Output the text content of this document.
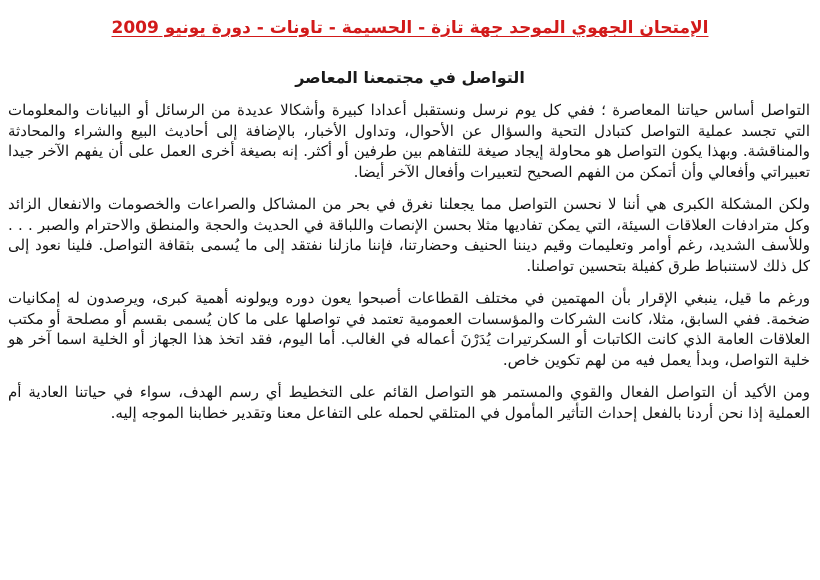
الإمتحان الجهوي الموحد جهة تازة - الحسيمة - تاونات - دورة يونيو 2009
التواصل في مجتمعنا المعاصر

التواصل أساس حياتنا المعاصرة ؛ ففي كل يوم نرسل ونستقبل أعدادا كبيرة وأشكالا عديدة من الرسائل أو البيانات والمعلومات التي تجسد عملية التواصل كتبادل التحية والسؤال عن الأحوال، وتداول الأخبار، بالإضافة إلى أحاديث البيع والشراء والمحادثة والمناقشة. وبهذا يكون التواصل هو محاولة إيجاد صيغة للتفاهم بين طرفين أو أكثر. إنه بصيغة أخرى العمل على أن يفهم الآخر جيدا تعبيراتي وأفعالي وأن أتمكن من الفهم الصحيح لتعبيرات وأفعال الآخر أيضا.

ولكن المشكلة الكبرى هي أننا لا نحسن التواصل مما يجعلنا نغرق في بحر من المشاكل والصراعات والخصومات والانفعال الزائد وكل مترادفات العلاقات السيئة، التي يمكن تفاديها مثلا بحسن الإنصات واللباقة في الحديث والحجة والمنطق والاحترام والصبر . . . وللأسف الشديد، رغم أوامر وتعليمات وقيم ديننا الحنيف وحضارتنا، فإننا مازلنا نفتقد إلى ما يُسمى بثقافة التواصل. فلينا نعود إلى كل ذلك لاستنباط طرق كفيلة بتحسين تواصلنا.

ورغم ما قيل، ينبغي الإقرار بأن المهتمين في مختلف القطاعات أصبحوا يعون دوره ويولونه أهمية كبرى، ويرصدون له إمكانيات ضخمة. ففي السابق، مثلا، كانت الشركات والمؤسسات العمومية تعتمد في تواصلها على ما كان يُسمى بقسم أو مصلحة أو مكتب العلاقات العامة الذي كانت الكاتبات أو السكرتيرات يُدَرْنَ أعماله في الغالب. أما اليوم، فقد اتخذ هذا الجهاز أو الخلية اسما آخر هو خلية التواصل، وبدأ يعمل فيه من لهم تكوين خاص.

ومن الأكيد أن التواصل الفعال والقوي والمستمر هو التواصل القائم على التخطيط أي رسم الهدف، سواء في حياتنا العادية أم العملية إذا نحن أردنا بالفعل إحداث التأثير المأمول في المتلقي لحمله على التفاعل معنا وتقدير خطابنا الموجه إليه.
